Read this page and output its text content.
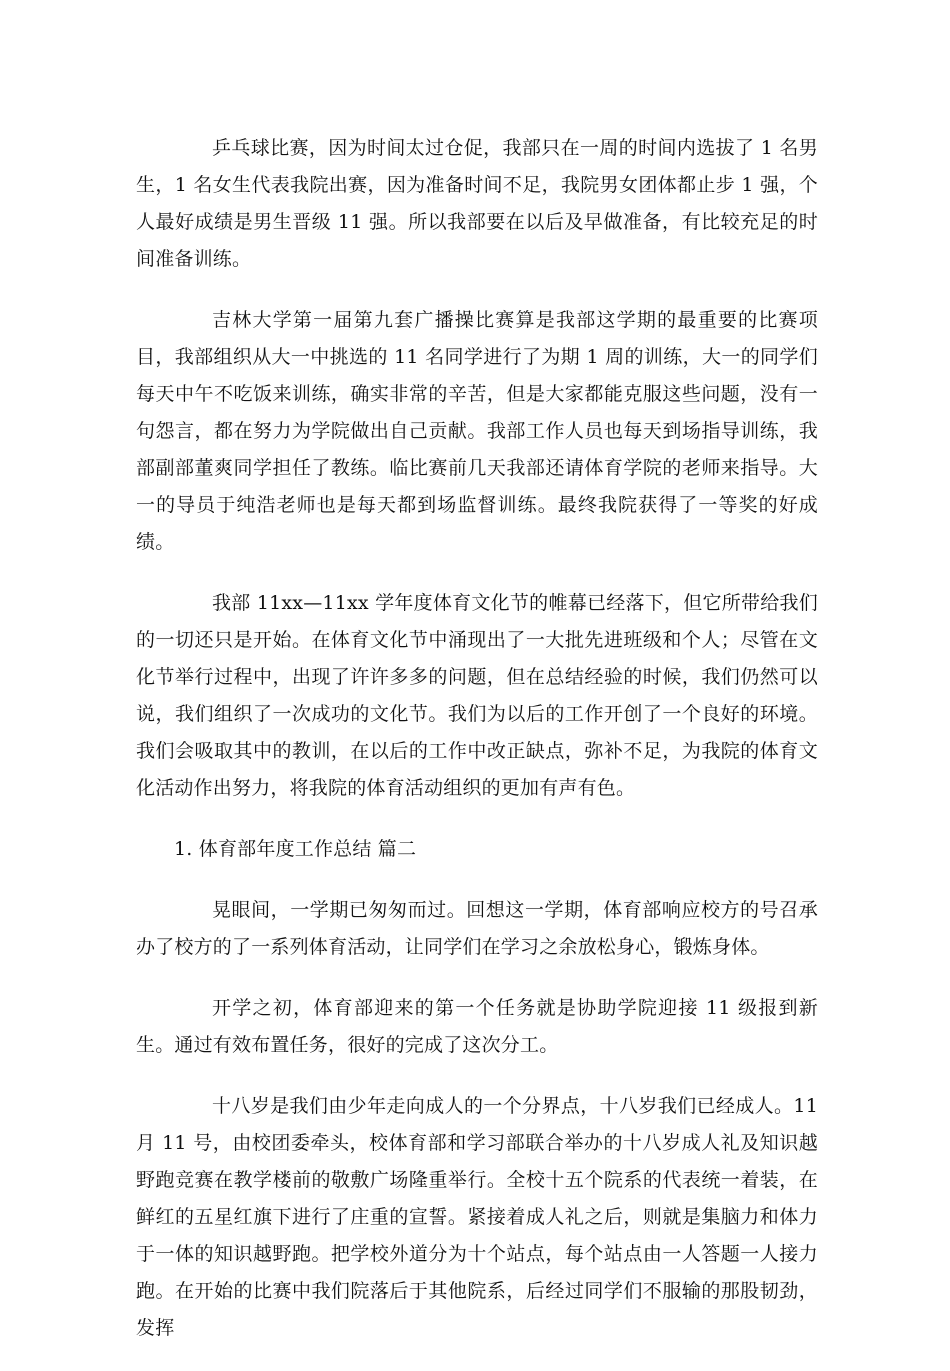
乒乓球比赛，因为时间太过仓促，我部只在一周的时间内选拔了 1 名男生，1 名女生代表我院出赛，因为准备时间不足，我院男女团体都止步 1 强，个人最好成绩是男生晋级 11 强。所以我部要在以后及早做准备，有比较充足的时间准备训练。

吉林大学第一届第九套广播操比赛算是我部这学期的最重要的比赛项目，我部组织从大一中挑选的 11 名同学进行了为期 1 周的训练，大一的同学们每天中午不吃饭来训练，确实非常的辛苦，但是大家都能克服这些问题，没有一句怨言，都在努力为学院做出自己贡献。我部工作人员也每天到场指导训练，我部副部董爽同学担任了教练。临比赛前几天我部还请体育学院的老师来指导。大一的导员于纯浩老师也是每天都到场监督训练。最终我院获得了一等奖的好成绩。

我部 11xx—11xx 学年度体育文化节的帷幕已经落下，但它所带给我们的一切还只是开始。在体育文化节中涌现出了一大批先进班级和个人；尽管在文化节举行过程中，出现了许许多多的问题，但在总结经验的时候，我们仍然可以说，我们组织了一次成功的文化节。我们为以后的工作开创了一个良好的环境。我们会吸取其中的教训，在以后的工作中改正缺点，弥补不足，为我院的体育文化活动作出努力，将我院的体育活动组织的更加有声有色。

1. 体育部年度工作总结 篇二

晃眼间，一学期已匆匆而过。回想这一学期，体育部响应校方的号召承办了校方的了一系列体育活动，让同学们在学习之余放松身心，锻炼身体。

开学之初，体育部迎来的第一个任务就是协助学院迎接 11 级报到新生。通过有效布置任务，很好的完成了这次分工。

十八岁是我们由少年走向成人的一个分界点，十八岁我们已经成人。11 月 11 号，由校团委牵头，校体育部和学习部联合举办的十八岁成人礼及知识越野跑竞赛在教学楼前的敬敷广场隆重举行。全校十五个院系的代表统一着装，在鲜红的五星红旗下进行了庄重的宣誓。紧接着成人礼之后，则就是集脑力和体力于一体的知识越野跑。把学校外道分为十个站点，每个站点由一人答题一人接力跑。在开始的比赛中我们院落后于其他院系，后经过同学们不服输的那股韧劲，发挥
